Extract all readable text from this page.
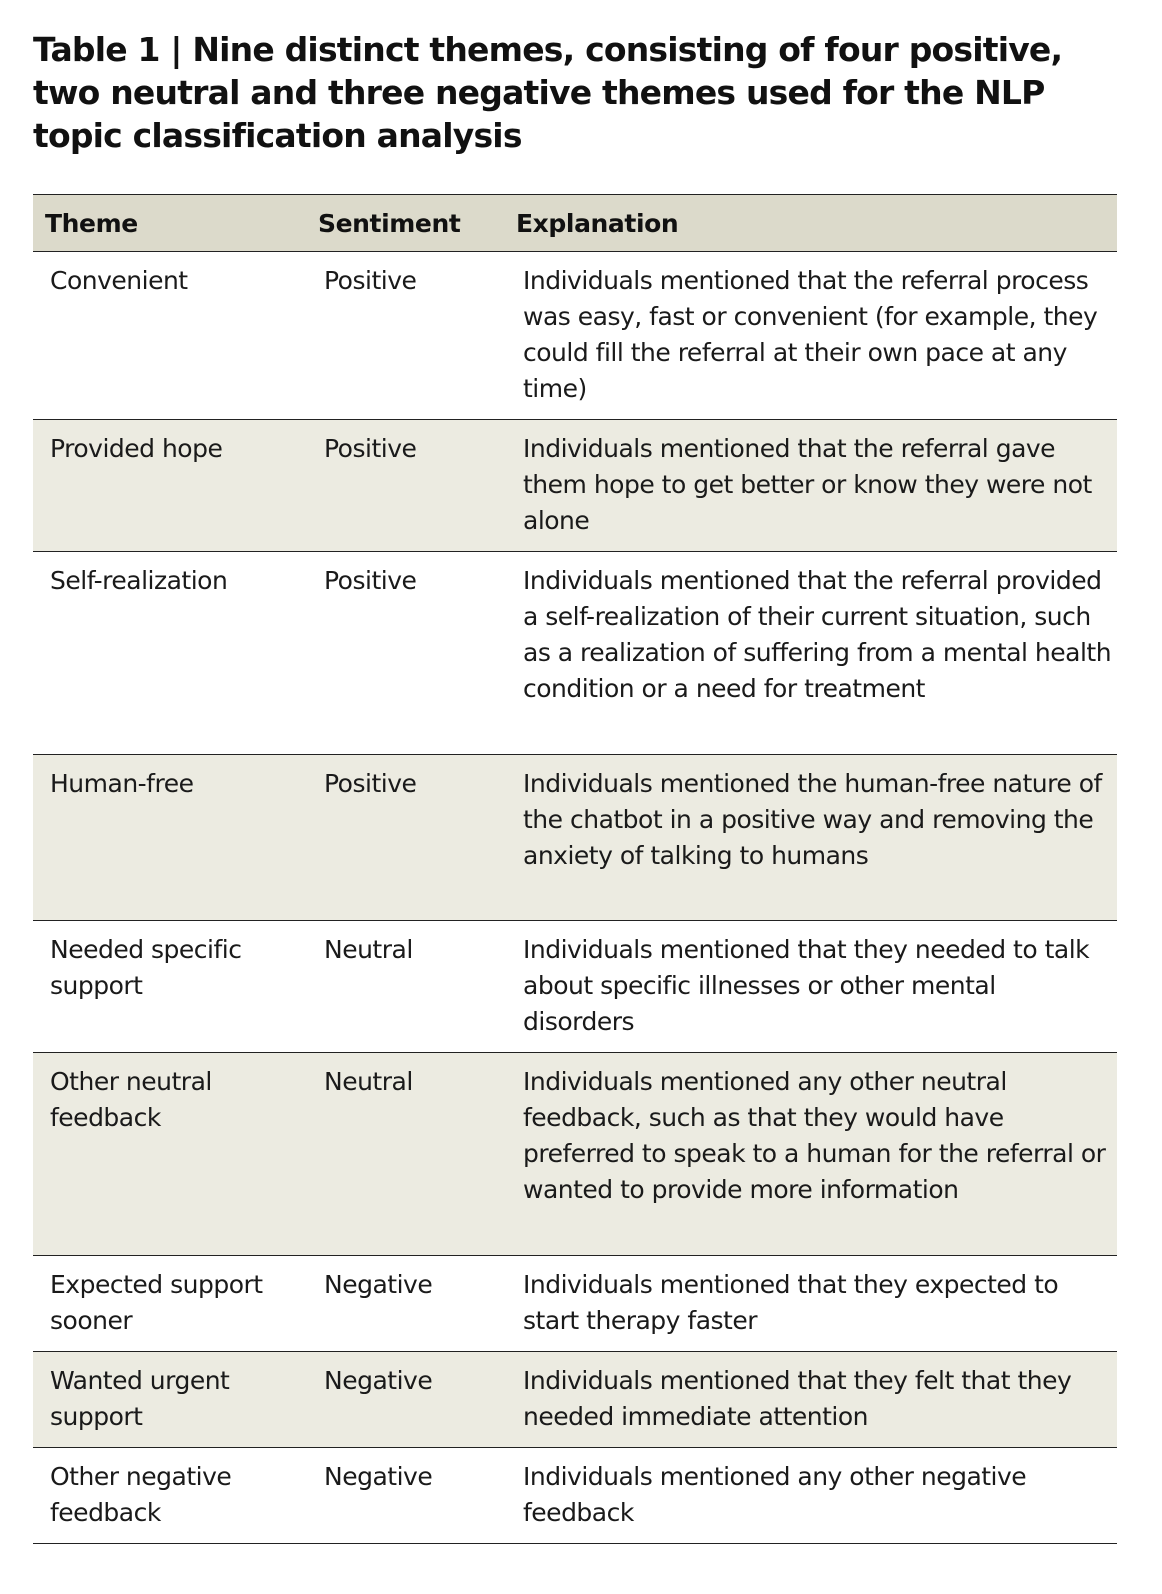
Table 1 | Nine distinct themes, consisting of four positive, two neutral and three negative themes used for the NLP topic classification analysis
Theme	Sentiment	Explanation
Convenient	Positive	Individuals mentioned that the referral process was easy, fast or convenient (for example, they could fill the referral at their own pace at any time)
Provided hope	Positive	Individuals mentioned that the referral gave them hope to get better or know they were not alone
Self-realization	Positive	Individuals mentioned that the referral provided a self-realization of their current situation, such as a realization of suffering from a mental health condition or a need for treatment
Human-free	Positive	Individuals mentioned the human-free nature of the chatbot in a positive way and removing the anxiety of talking to humans
Needed specific support	Neutral	Individuals mentioned that they needed to talk about specific illnesses or other mental disorders
Other neutral feedback	Neutral	Individuals mentioned any other neutral feedback, such as that they would have preferred to speak to a human for the referral or wanted to provide more information
Expected support sooner	Negative	Individuals mentioned that they expected to start therapy faster
Wanted urgent support	Negative	Individuals mentioned that they felt that they needed immediate attention
Other negative feedback	Negative	Individuals mentioned any other negative feedback
